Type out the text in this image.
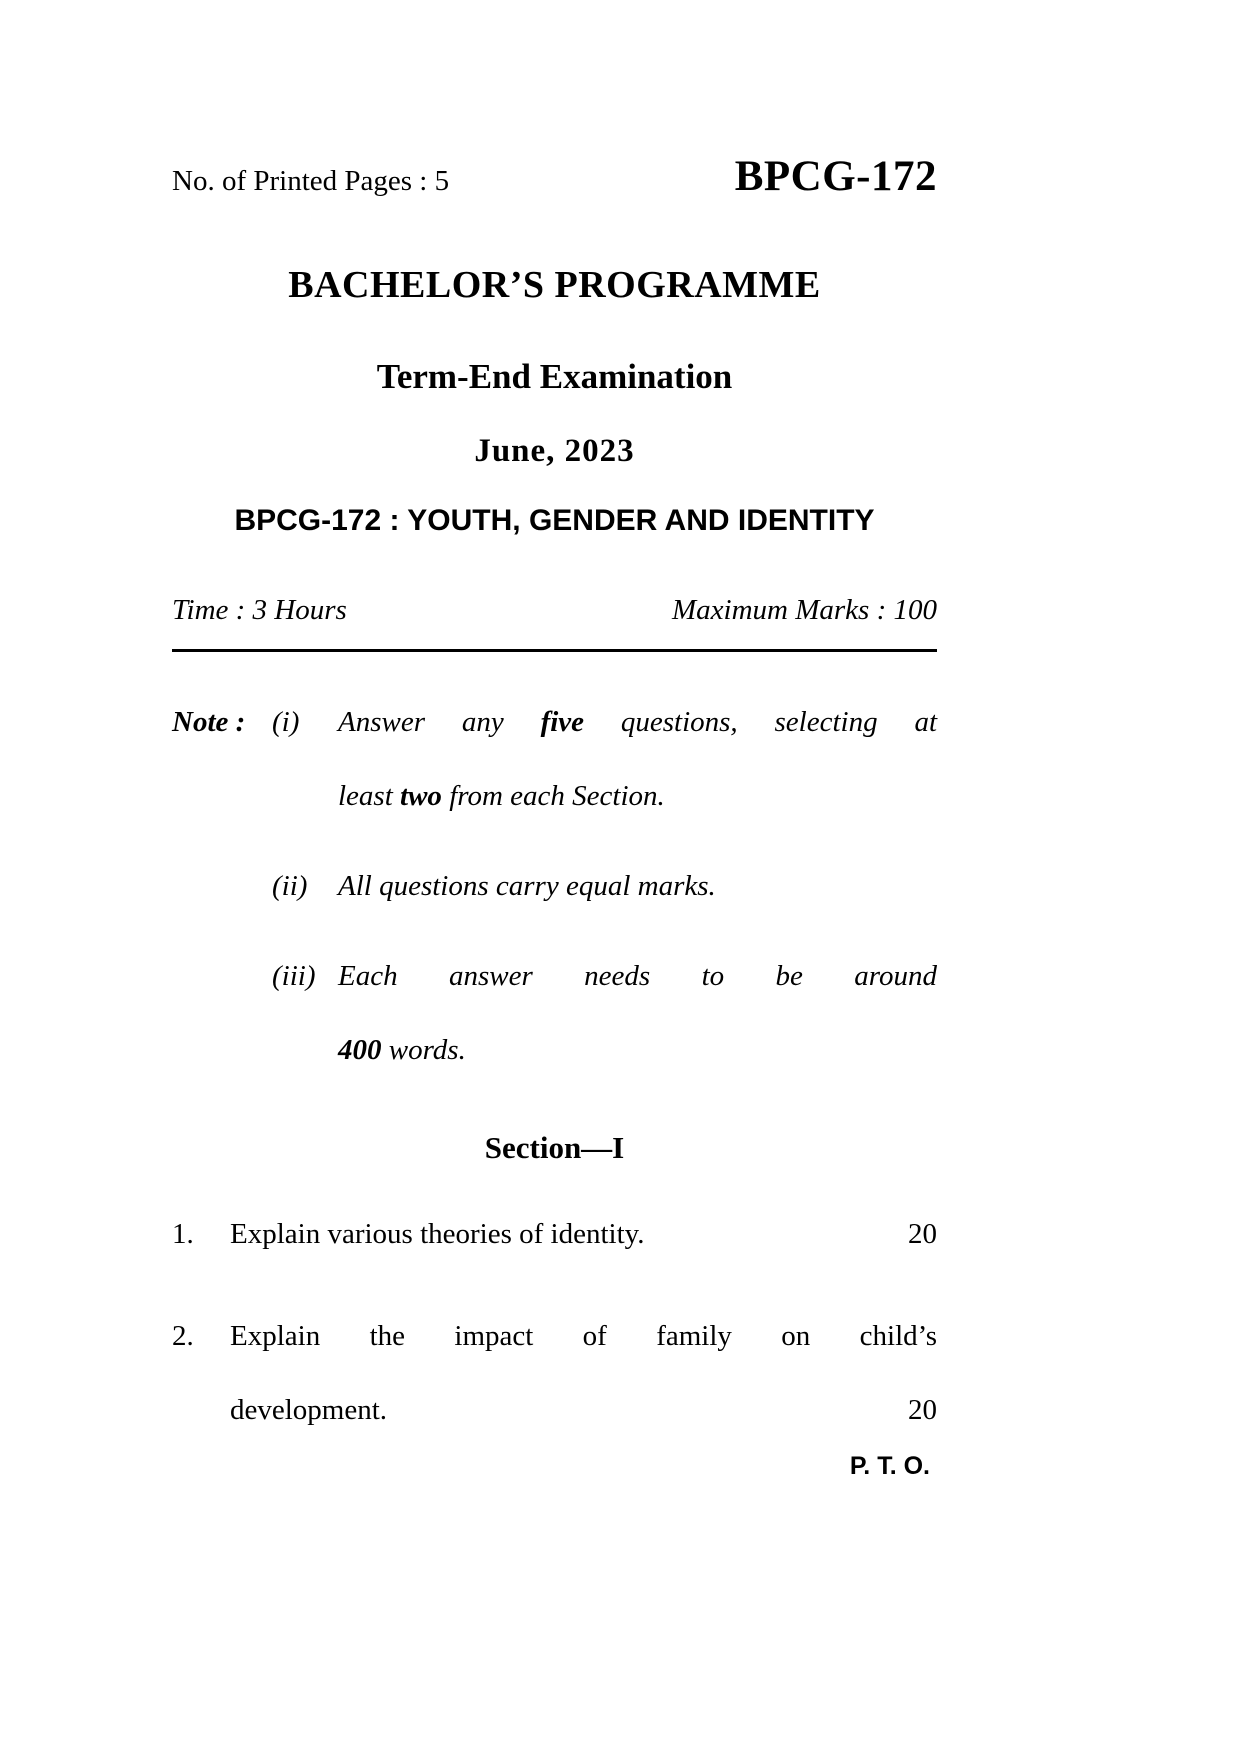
No. of Printed Pages : 5	BPCG-172
BACHELOR’S PROGRAMME
Term-End Examination
June, 2023
BPCG-172 : YOUTH, GENDER AND IDENTITY
Time : 3 Hours	Maximum Marks : 100
Note : (i)	Answer any five questions, selecting at
least two from each Section.
(ii)	All questions carry equal marks.
(iii) Each answer needs to be around
400 words.
Section—I
1.	Explain various theories of identity.	20
2.	Explain the impact of family on child’s
development.	20
P. T. O.
